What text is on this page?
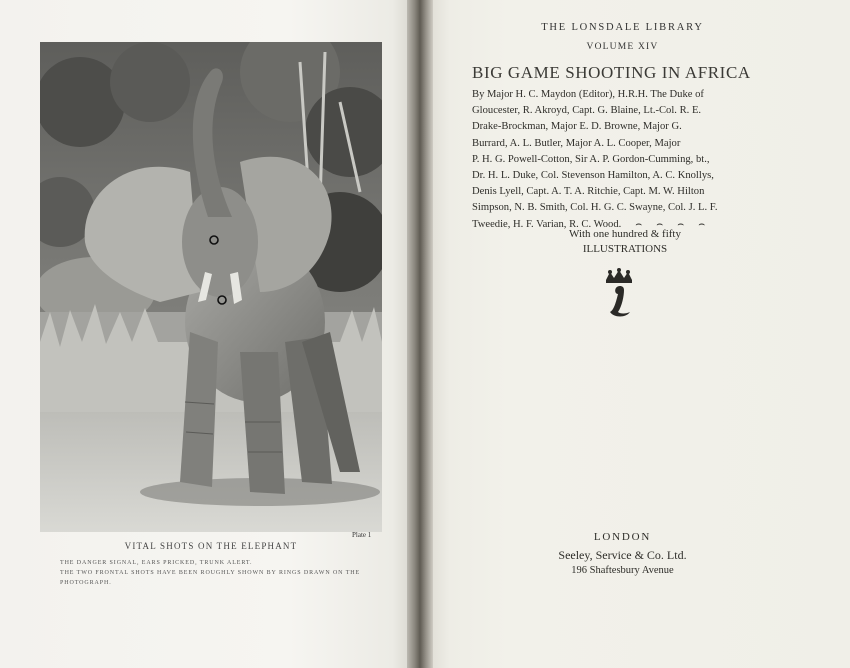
Plate 1
VITAL SHOTS ON THE ELEPHANT
THE DANGER SIGNAL, EARS PRICKED, TRUNK ALERT.
THE TWO FRONTAL SHOTS HAVE BEEN ROUGHLY SHOWN BY RINGS DRAWN ON THE
PHOTOGRAPH.
THE LONSDALE LIBRARY
VOLUME XIV
BIG GAME SHOOTING IN AFRICA
By Major H. C. Maydon (Editor), H.R.H. The Duke of
Gloucester, R. Akroyd, Capt. G. Blaine, Lt.-Col. R. E.
Drake-Brockman, Major E. D. Browne, Major G.
Burrard, A. L. Butler, Major A. L. Cooper, Major
P. H. G. Powell-Cotton, Sir A. P. Gordon-Cumming, bt.,
Dr. H. L. Duke, Col. Stevenson Hamilton, A. C. Knollys,
Denis Lyell, Capt. A. T. A. Ritchie, Capt. M. W. Hilton
Simpson, N. B. Smith, Col. H. G. C. Swayne, Col. J. L. F.
Tweedie, H. F. Varian, R. C. Wood. ⌢⌢⌢⌢
With one hundred & fifty
ILLUSTRATIONS
LONDON
Seeley, Service & Co. Ltd.
196 Shaftesbury Avenue
